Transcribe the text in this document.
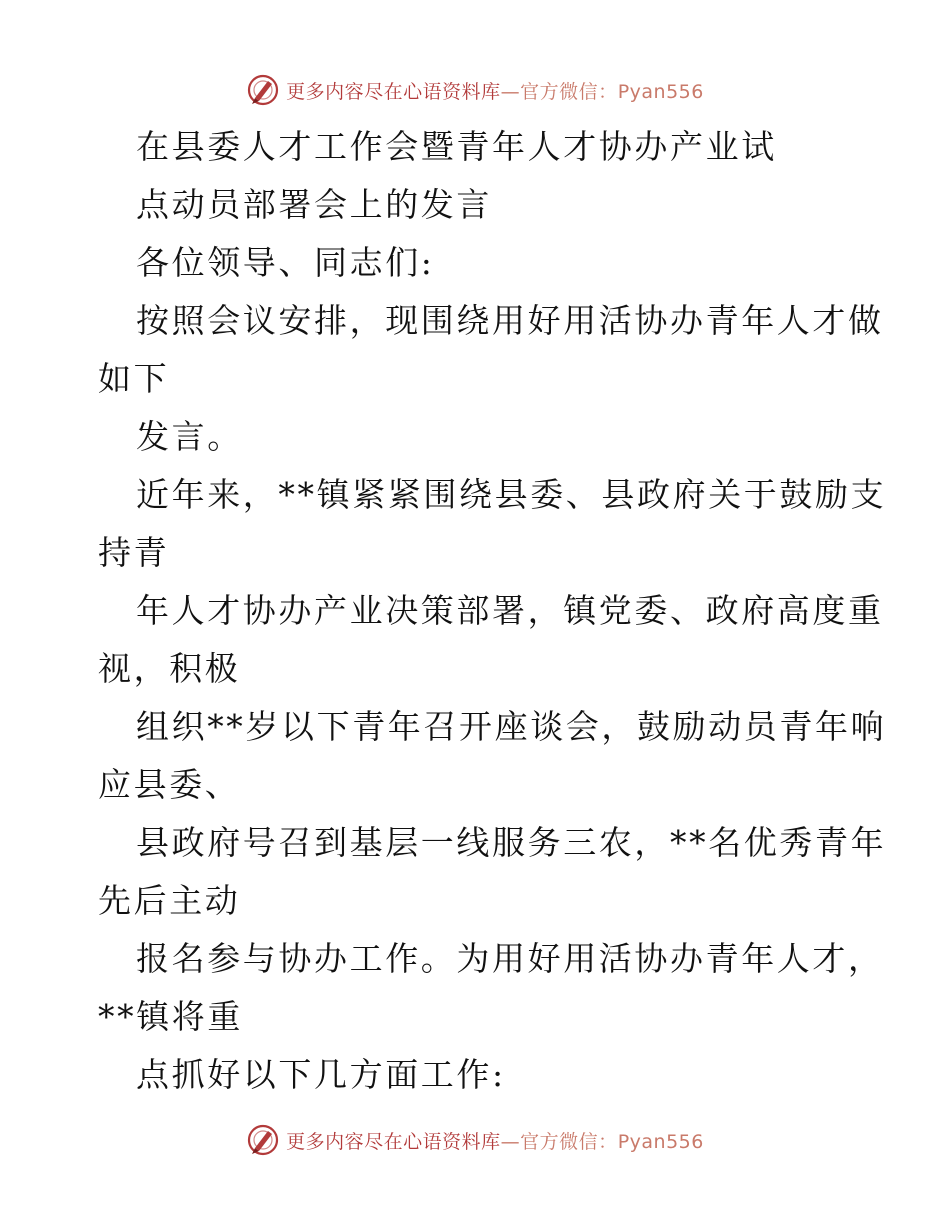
更多内容尽在心语资料库—官方微信：Pyan556
在县委人才工作会暨青年人才协办产业试
点动员部署会上的发言
各位领导、同志们:
按照会议安排，现围绕用好用活协办青年人才做
如下
发言。
近年来，**镇紧紧围绕县委、县政府关于鼓励支
持青
年人才协办产业决策部署，镇党委、政府高度重
视，积极
组织**岁以下青年召开座谈会，鼓励动员青年响
应县委、
县政府号召到基层一线服务三农，**名优秀青年
先后主动
报名参与协办工作。为用好用活协办青年人才，
**镇将重
点抓好以下几方面工作:
更多内容尽在心语资料库—官方微信：Pyan556
